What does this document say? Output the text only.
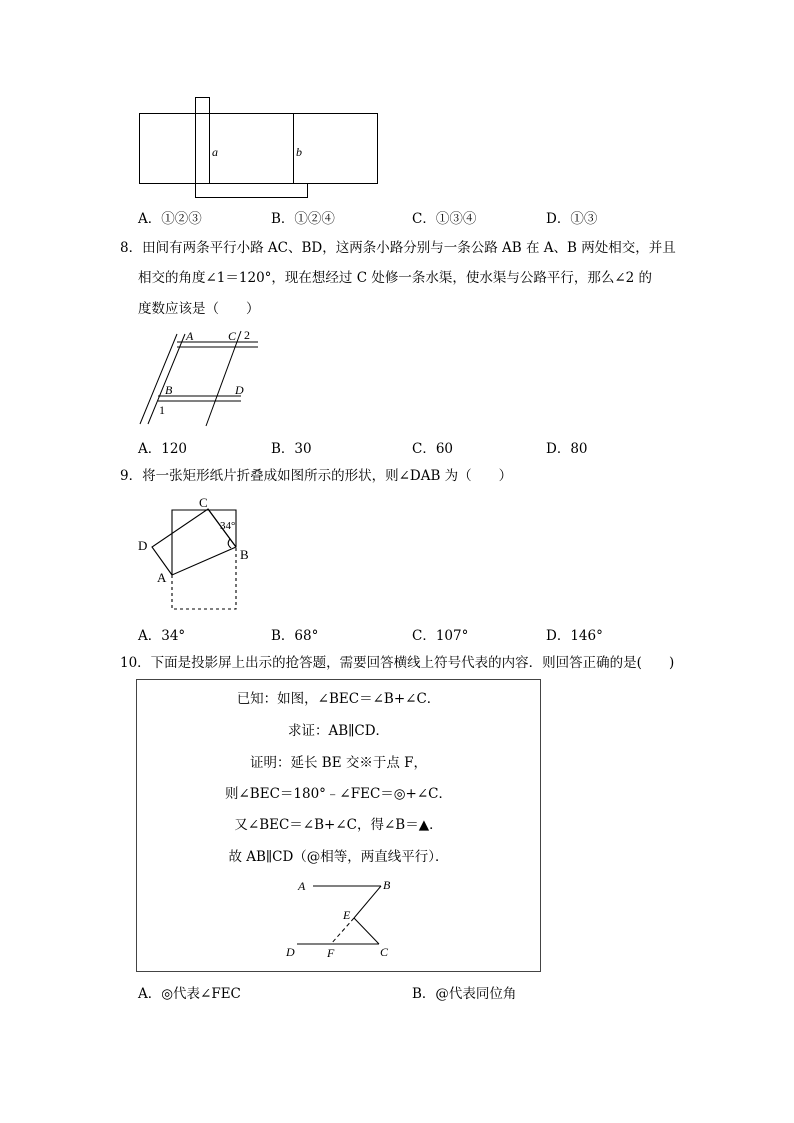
a	b
A．①②③	B．①②④	C．①③④	D．①③
8．田间有两条平行小路 AC、BD，这两条小路分别与一条公路 AB 在 A、B 两处相交，并且
相交的角度∠1＝120°，现在想经过 C 处修一条水渠，使水渠与公路平行，那么∠2 的
度数应该是（　　）
A	C 2
B	D
1
A．120	B．30	C．60	D．80
9．将一张矩形纸片折叠成如图所示的形状，则∠DAB 为（　　）
C
34°
D
B
A
A．34°	B．68°	C．107°	D．146°
10．下面是投影屏上出示的抢答题，需要回答横线上符号代表的内容．则回答正确的是(　　)
已知：如图，∠BEC＝∠B+∠C．
求证：AB∥CD．
证明：延长 BE 交※于点 F，
则∠BEC＝180°﹣∠FEC＝◎+∠C．
又∠BEC＝∠B+∠C，得∠B＝▲．
故 AB∥CD（@相等，两直线平行）．
A	B
E
D	F	C
A．◎代表∠FEC	B．@代表同位角
